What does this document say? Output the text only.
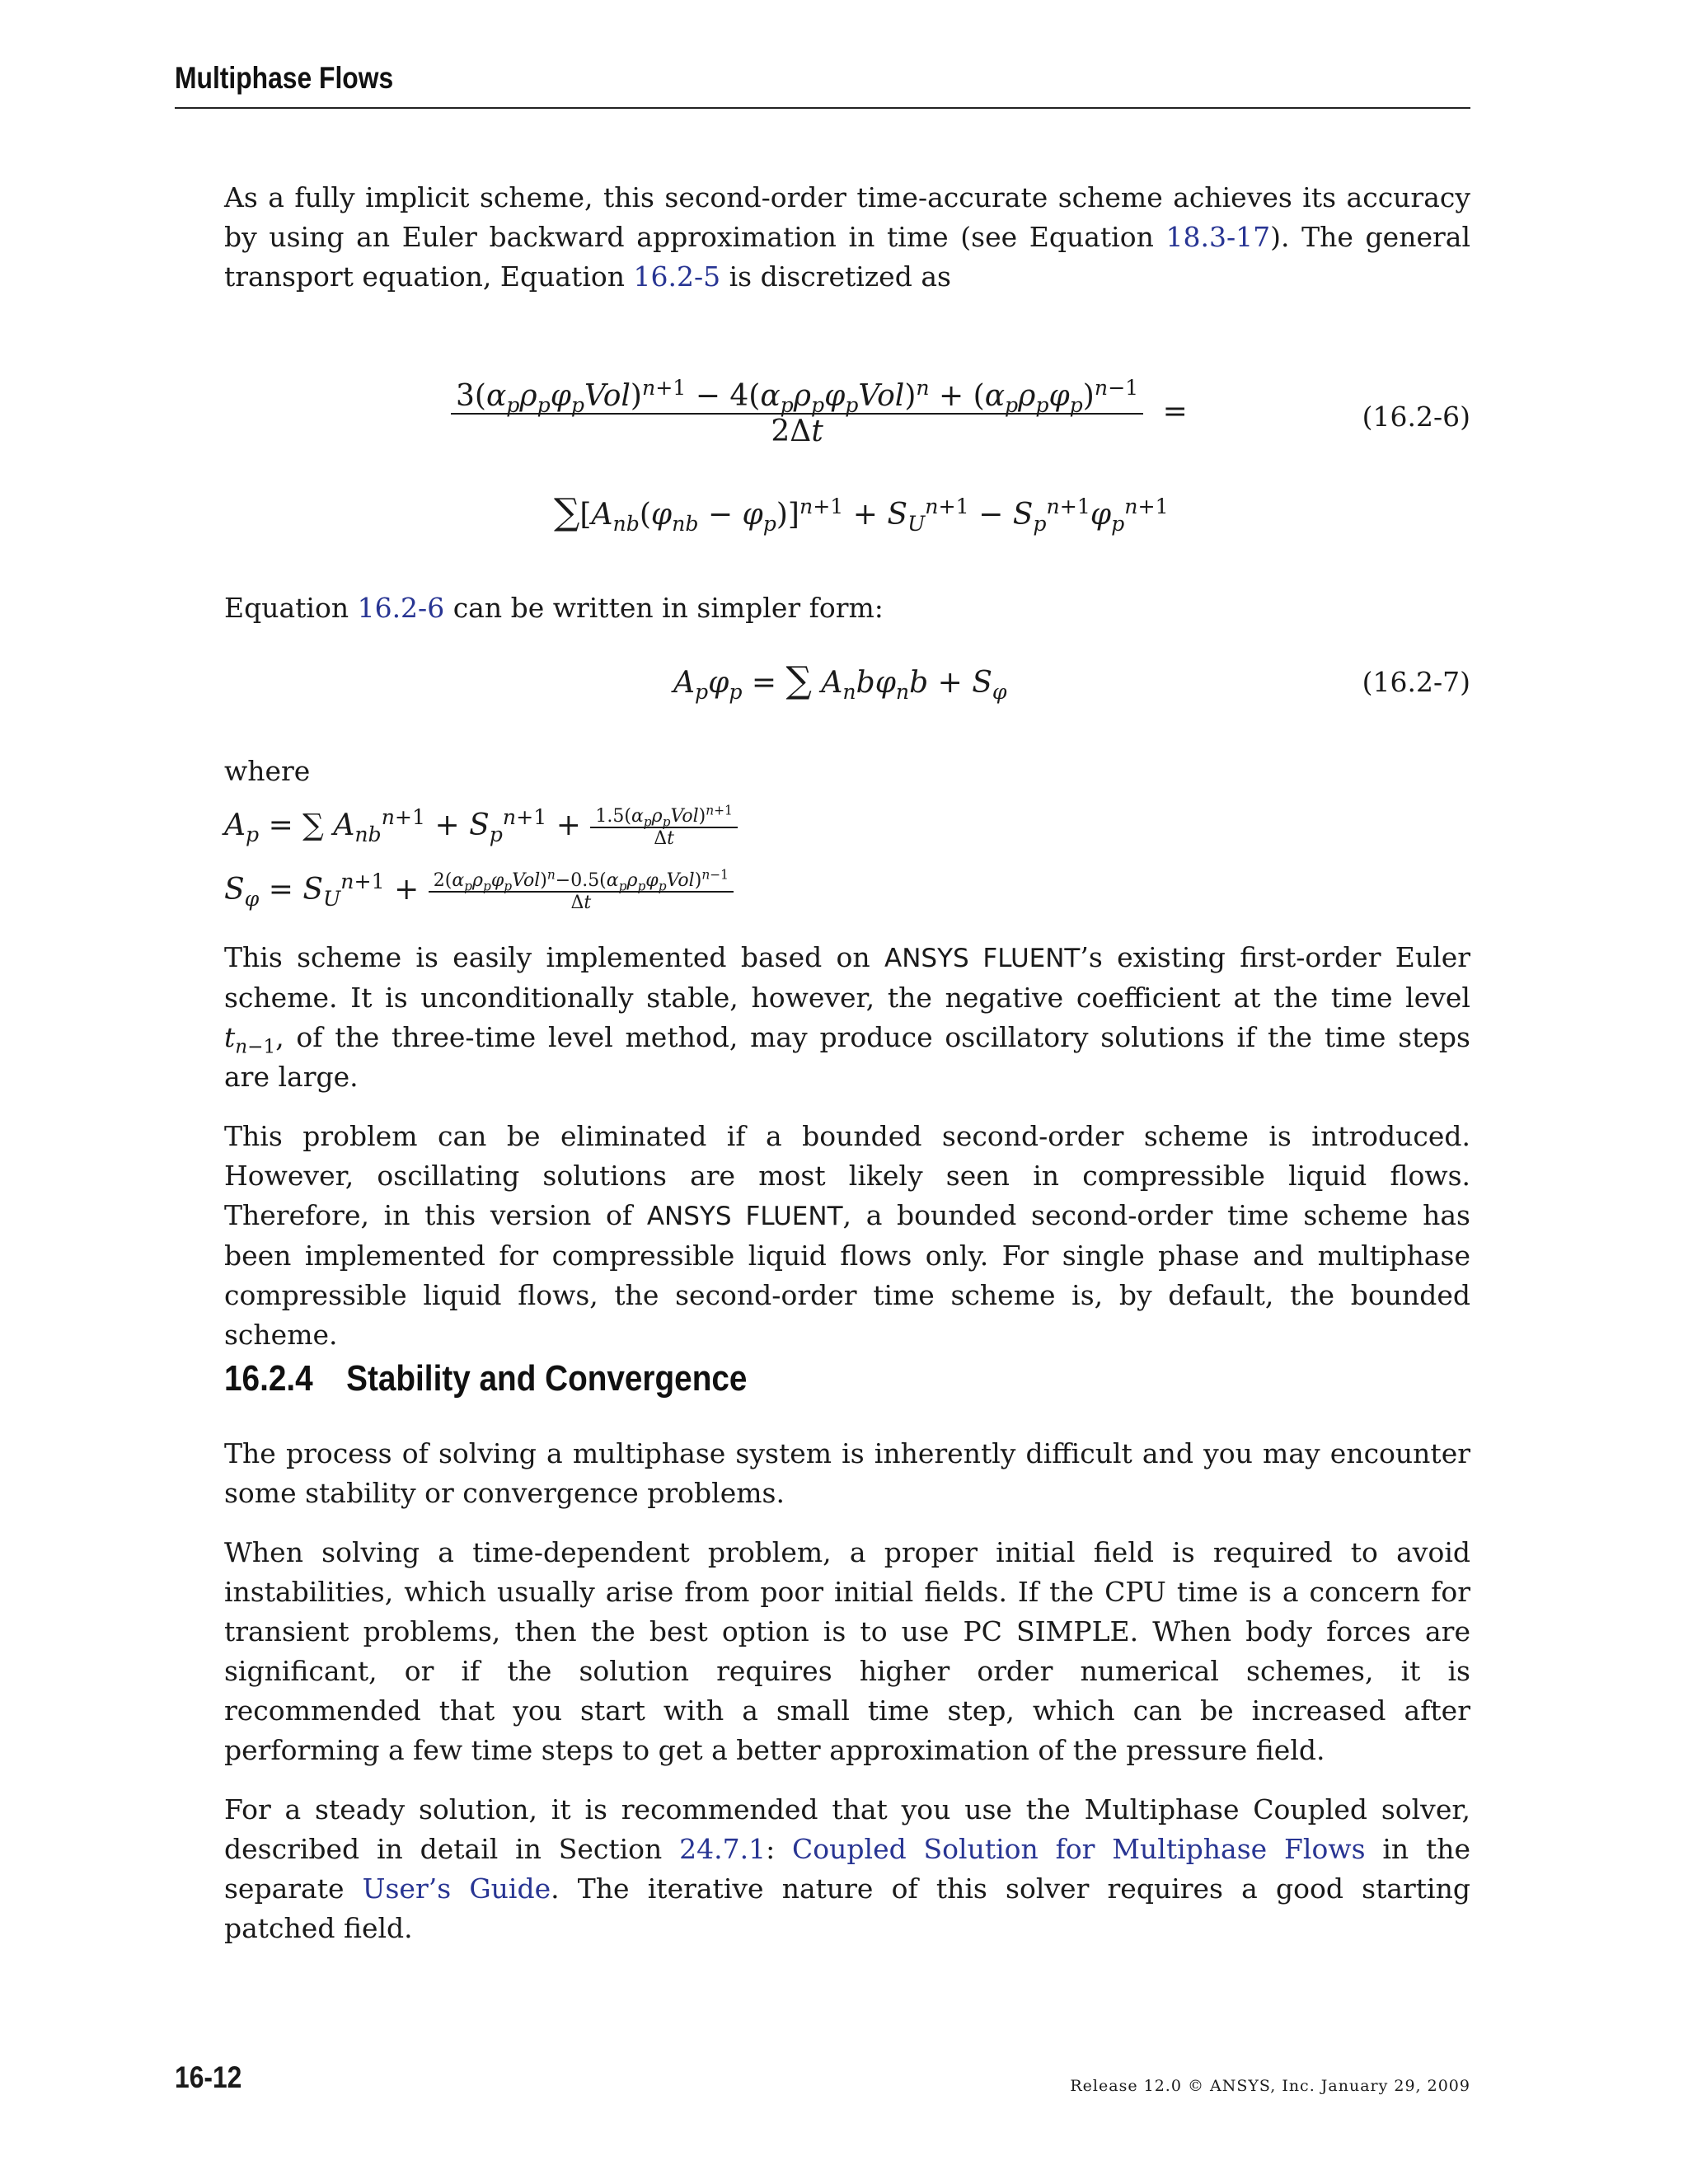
Multiphase Flows

As a fully implicit scheme, this second-order time-accurate scheme achieves its accuracy by using an Euler backward approximation in time (see Equation 18.3-17). The general transport equation, Equation 16.2-5 is discretized as

$\frac{3(\alpha_p\rho_p\varphi_pVol)^{n+1} - 4(\alpha_p\rho_p\varphi_pVol)^n + (\alpha_p\rho_p\varphi_p)^{n-1}}{2\Delta t}$ =	(16.2-6)
$\sum[A_{nb}(\varphi_{nb} - \varphi_p)]^{n+1} + S_U^{n+1} - S_p^{n+1}\varphi_p^{n+1}$

Equation 16.2-6 can be written in simpler form:

$A_p\varphi_p$ = ∑ $A_nb\varphi_nb + S_\varphi$	(16.2-7)

where

$A_p$ = ∑ $A_{nb}^{n+1} + S_p^{n+1} + \frac{1.5(\alpha_p\rho_pVol)^{n+1}}{\Delta t}$
$S_\varphi = S_U^{n+1} + \frac{2(\alpha_p\rho_p\varphi_pVol)^n-0.5(\alpha_p\rho_p\varphi_pVol)^{n-1}}{\Delta t}$

This scheme is easily implemented based on ANSYS FLUENT’s existing first-order Euler scheme. It is unconditionally stable, however, the negative coefficient at the time level $t_{n-1}$, of the three-time level method, may produce oscillatory solutions if the time steps are large.

This problem can be eliminated if a bounded second-order scheme is introduced. However, oscillating solutions are most likely seen in compressible liquid flows. Therefore, in this version of ANSYS FLUENT, a bounded second-order time scheme has been implemented for compressible liquid flows only. For single phase and multiphase compressible liquid flows, the second-order time scheme is, by default, the bounded scheme.

16.2.4 Stability and Convergence

The process of solving a multiphase system is inherently difficult and you may encounter some stability or convergence problems.

When solving a time-dependent problem, a proper initial field is required to avoid instabilities, which usually arise from poor initial fields. If the CPU time is a concern for transient problems, then the best option is to use PC SIMPLE. When body forces are significant, or if the solution requires higher order numerical schemes, it is recommended that you start with a small time step, which can be increased after performing a few time steps to get a better approximation of the pressure field.

For a steady solution, it is recommended that you use the Multiphase Coupled solver, described in detail in Section 24.7.1: Coupled Solution for Multiphase Flows in the separate User’s Guide. The iterative nature of this solver requires a good starting patched field.

16-12	Release 12.0 © ANSYS, Inc. January 29, 2009
